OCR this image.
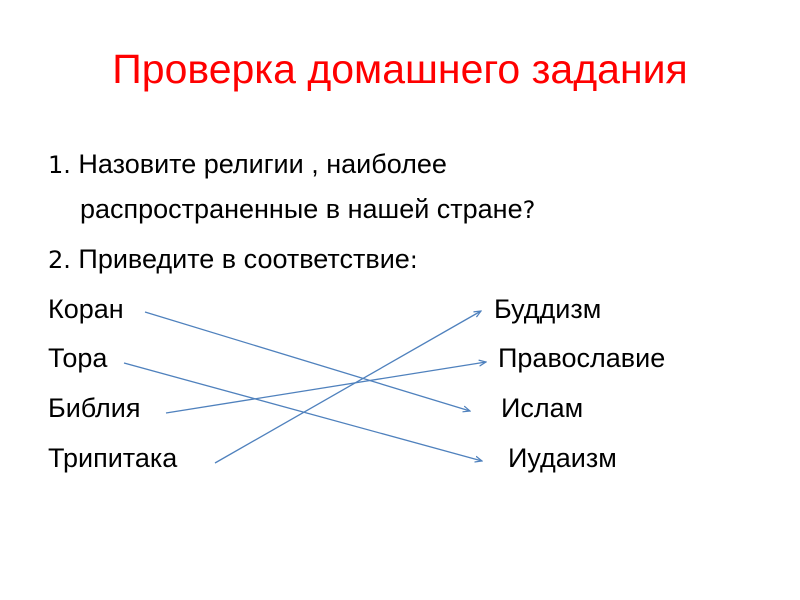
Проверка домашнего задания
1. Назовите религии , наиболее
распространенные в нашей стране?
2. Приведите в соответствие:
Коран
Тора
Библия
Трипитака
Буддизм
Православие
Ислам
Иудаизм
